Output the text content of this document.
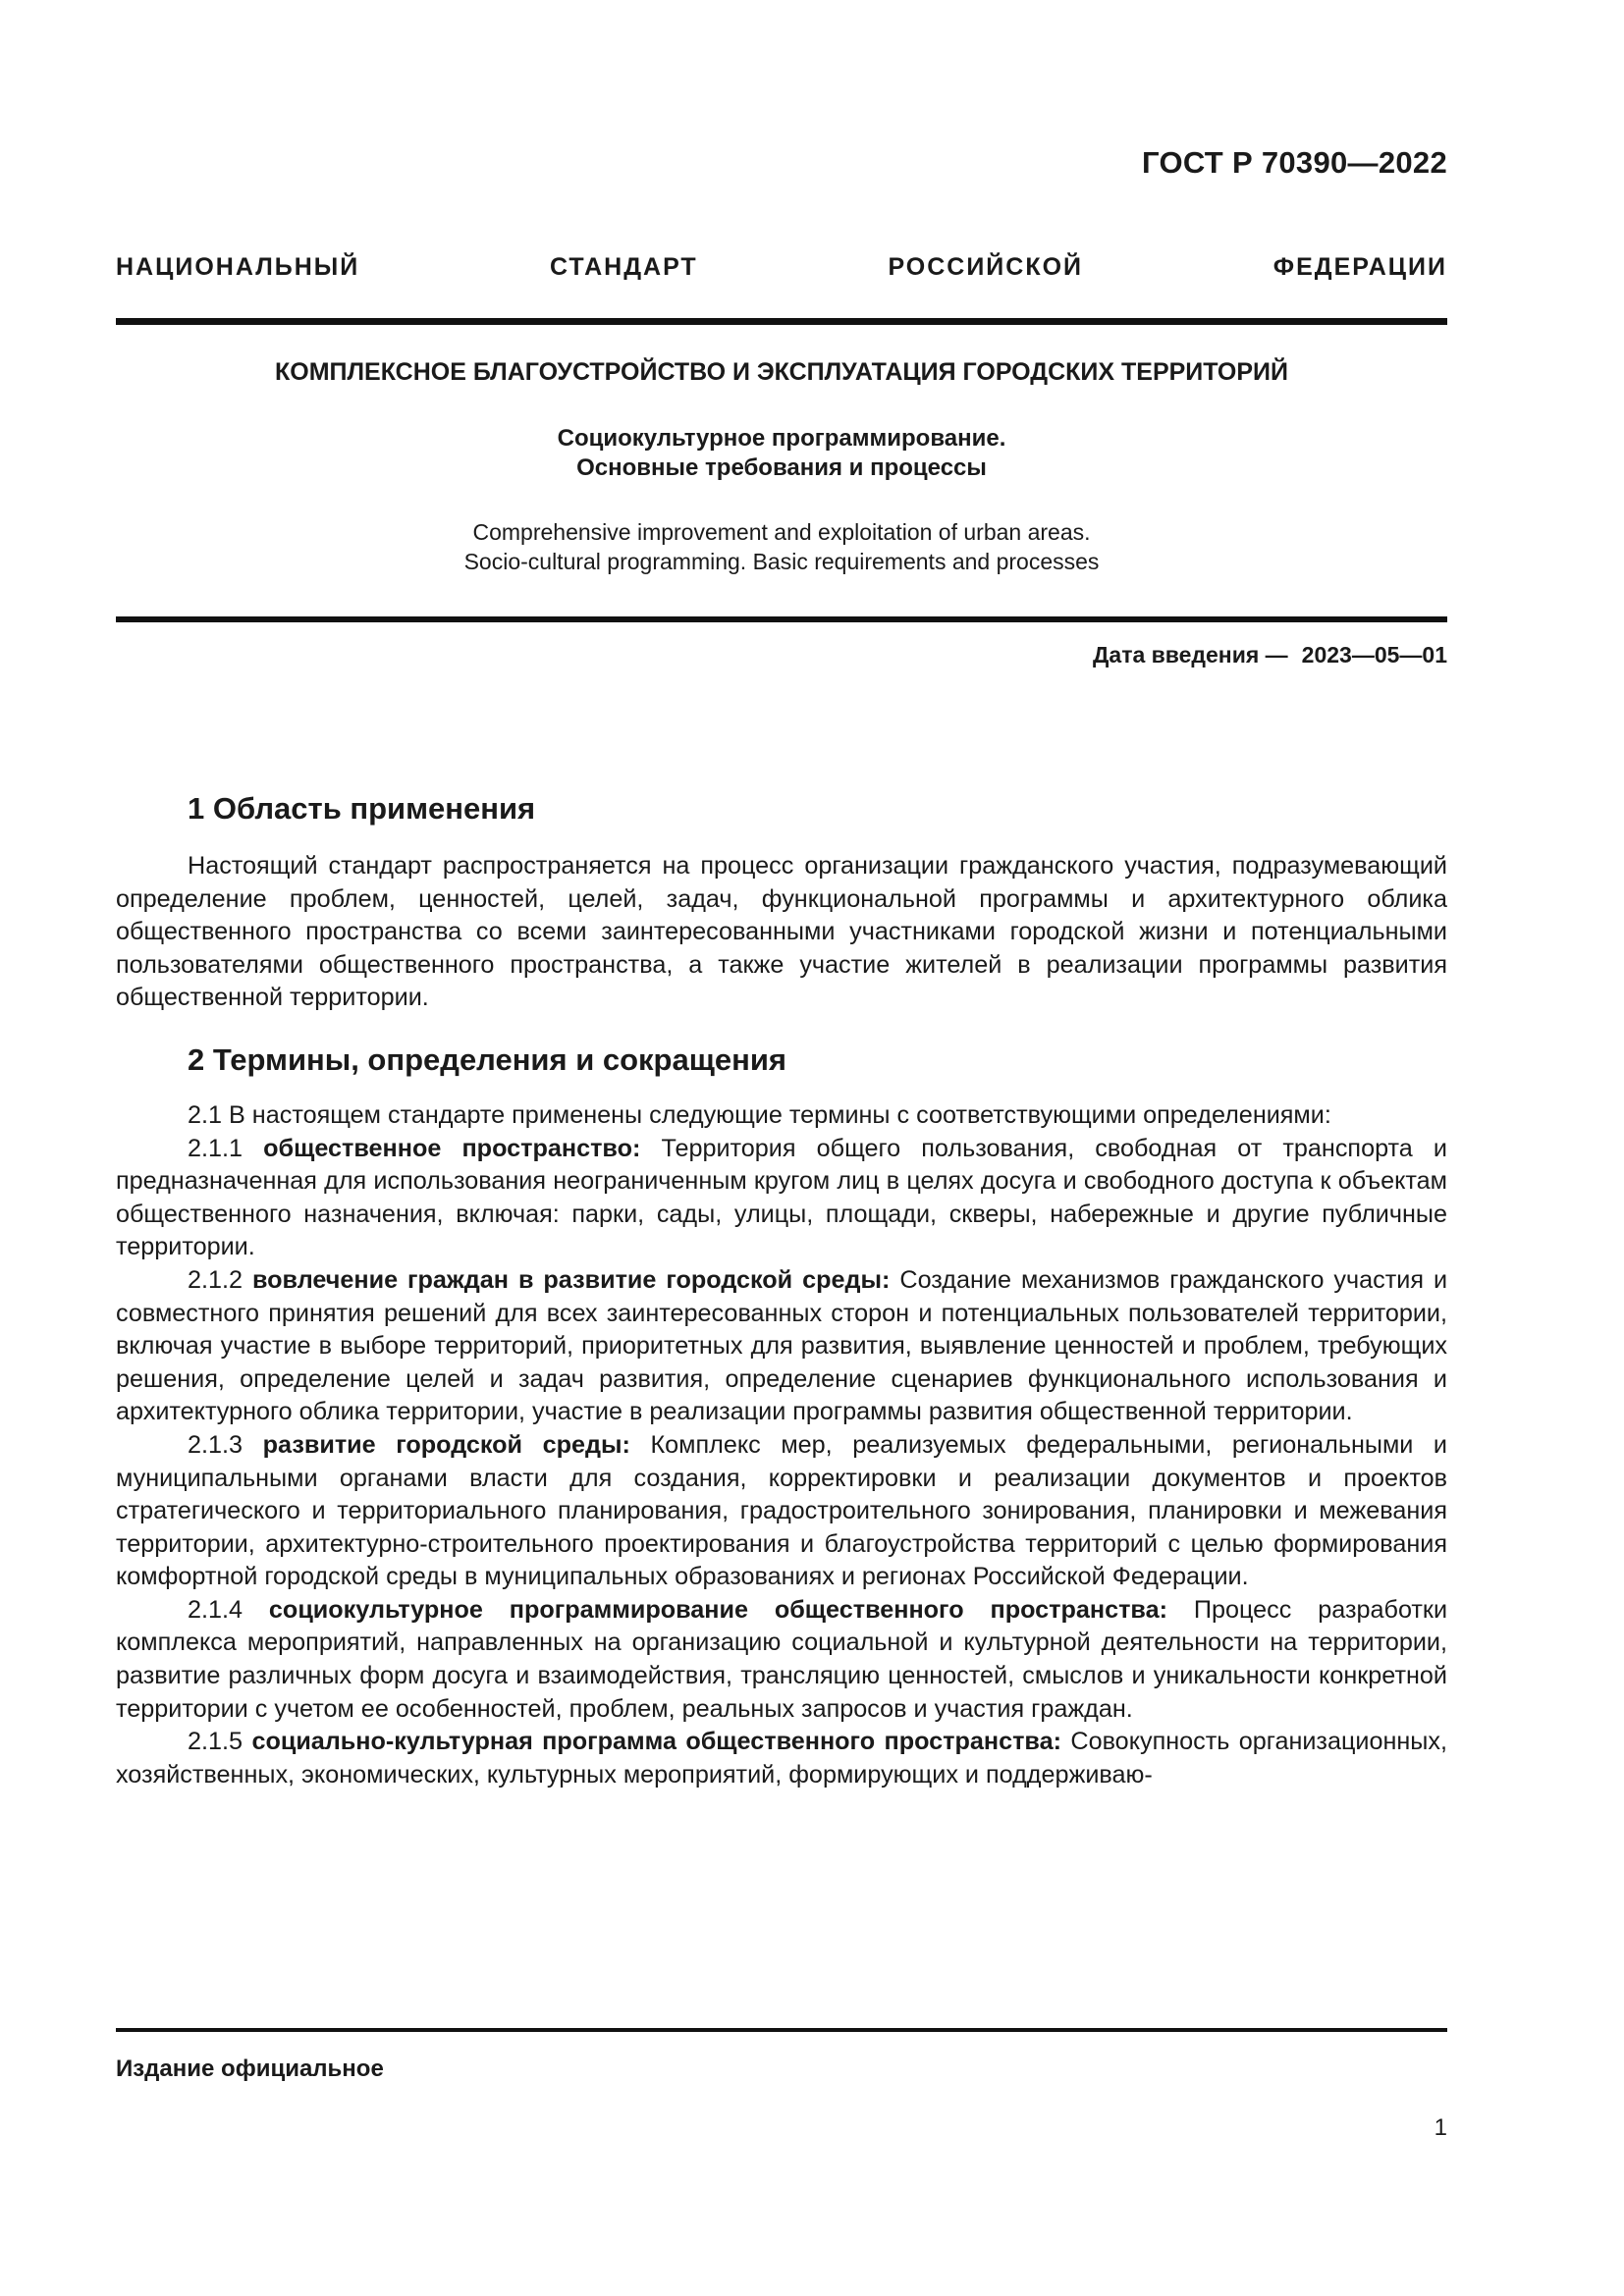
ГОСТ Р 70390—2022
НАЦИОНАЛЬНЫЙ СТАНДАРТ РОССИЙСКОЙ ФЕДЕРАЦИИ
КОМПЛЕКСНОЕ БЛАГОУСТРОЙСТВО И ЭКСПЛУАТАЦИЯ ГОРОДСКИХ ТЕРРИТОРИЙ
Социокультурное программирование.
Основные требования и процессы
Comprehensive improvement and exploitation of urban areas.
Socio-cultural programming. Basic requirements and processes
Дата введения — 2023—05—01
1 Область применения

Настоящий стандарт распространяется на процесс организации гражданского участия, подразумевающий определение проблем, ценностей, целей, задач, функциональной программы и архитектурного облика общественного пространства со всеми заинтересованными участниками городской жизни и потенциальными пользователями общественного пространства, а также участие жителей в реализации программы развития общественной территории.

2 Термины, определения и сокращения

2.1 В настоящем стандарте применены следующие термины с соответствующими определениями:

2.1.1 общественное пространство: Территория общего пользования, свободная от транспорта и предназначенная для использования неограниченным кругом лиц в целях досуга и свободного доступа к объектам общественного назначения, включая: парки, сады, улицы, площади, скверы, набережные и другие публичные территории.

2.1.2 вовлечение граждан в развитие городской среды: Создание механизмов гражданского участия и совместного принятия решений для всех заинтересованных сторон и потенциальных пользователей территории, включая участие в выборе территорий, приоритетных для развития, выявление ценностей и проблем, требующих решения, определение целей и задач развития, определение сценариев функционального использования и архитектурного облика территории, участие в реализации программы развития общественной территории.

2.1.3 развитие городской среды: Комплекс мер, реализуемых федеральными, региональными и муниципальными органами власти для создания, корректировки и реализации документов и проектов стратегического и территориального планирования, градостроительного зонирования, планировки и межевания территории, архитектурно-строительного проектирования и благоустройства территорий с целью формирования комфортной городской среды в муниципальных образованиях и регионах Российской Федерации.

2.1.4 социокультурное программирование общественного пространства: Процесс разработки комплекса мероприятий, направленных на организацию социальной и культурной деятельности на территории, развитие различных форм досуга и взаимодействия, трансляцию ценностей, смыслов и уникальности конкретной территории с учетом ее особенностей, проблем, реальных запросов и участия граждан.

2.1.5 социально-культурная программа общественного пространства: Совокупность организационных, хозяйственных, экономических, культурных мероприятий, формирующих и поддерживаю-

Издание официальное
1
